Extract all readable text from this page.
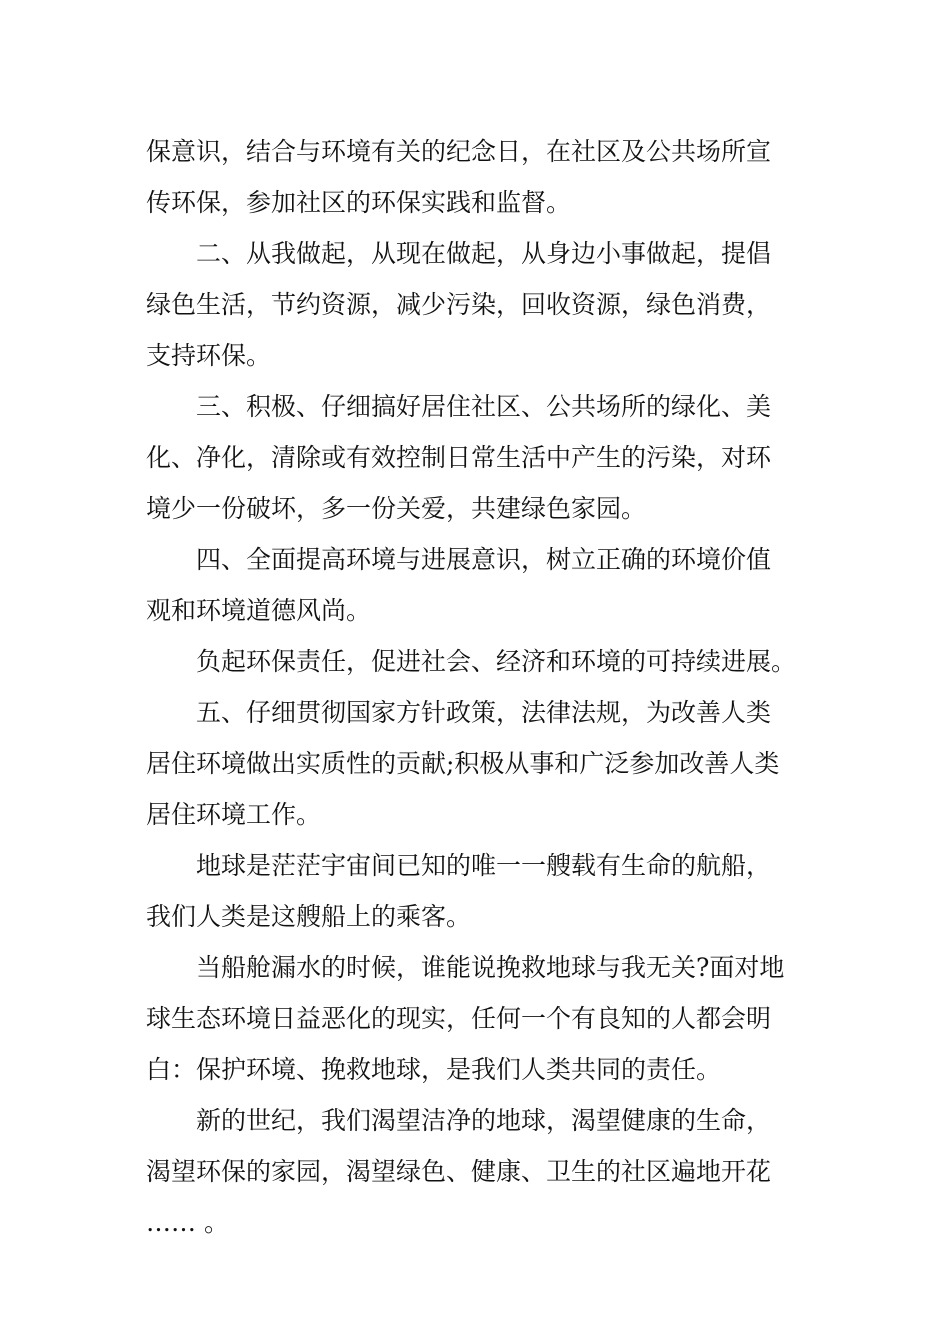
保意识，结合与环境有关的纪念日，在社区及公共场所宣
传环保，参加社区的环保实践和监督。
　　二、从我做起，从现在做起，从身边小事做起，提倡
绿色生活，节约资源，减少污染，回收资源，绿色消费，
支持环保。
　　三、积极、仔细搞好居住社区、公共场所的绿化、美
化、净化，清除或有效控制日常生活中产生的污染，对环
境少一份破坏，多一份关爱，共建绿色家园。
　　四、全面提高环境与进展意识，树立正确的环境价值
观和环境道德风尚。
　　负起环保责任，促进社会、经济和环境的可持续进展。
　　五、仔细贯彻国家方针政策，法律法规，为改善人类
居住环境做出实质性的贡献;积极从事和广泛参加改善人类
居住环境工作。
　　地球是茫茫宇宙间已知的唯一一艘载有生命的航船，
我们人类是这艘船上的乘客。
　　当船舱漏水的时候，谁能说挽救地球与我无关?面对地
球生态环境日益恶化的现实，任何一个有良知的人都会明
白：保护环境、挽救地球，是我们人类共同的责任。
　　新的世纪，我们渴望洁净的地球，渴望健康的生命，
渴望环保的家园，渴望绿色、健康、卫生的社区遍地开花
…… 。
